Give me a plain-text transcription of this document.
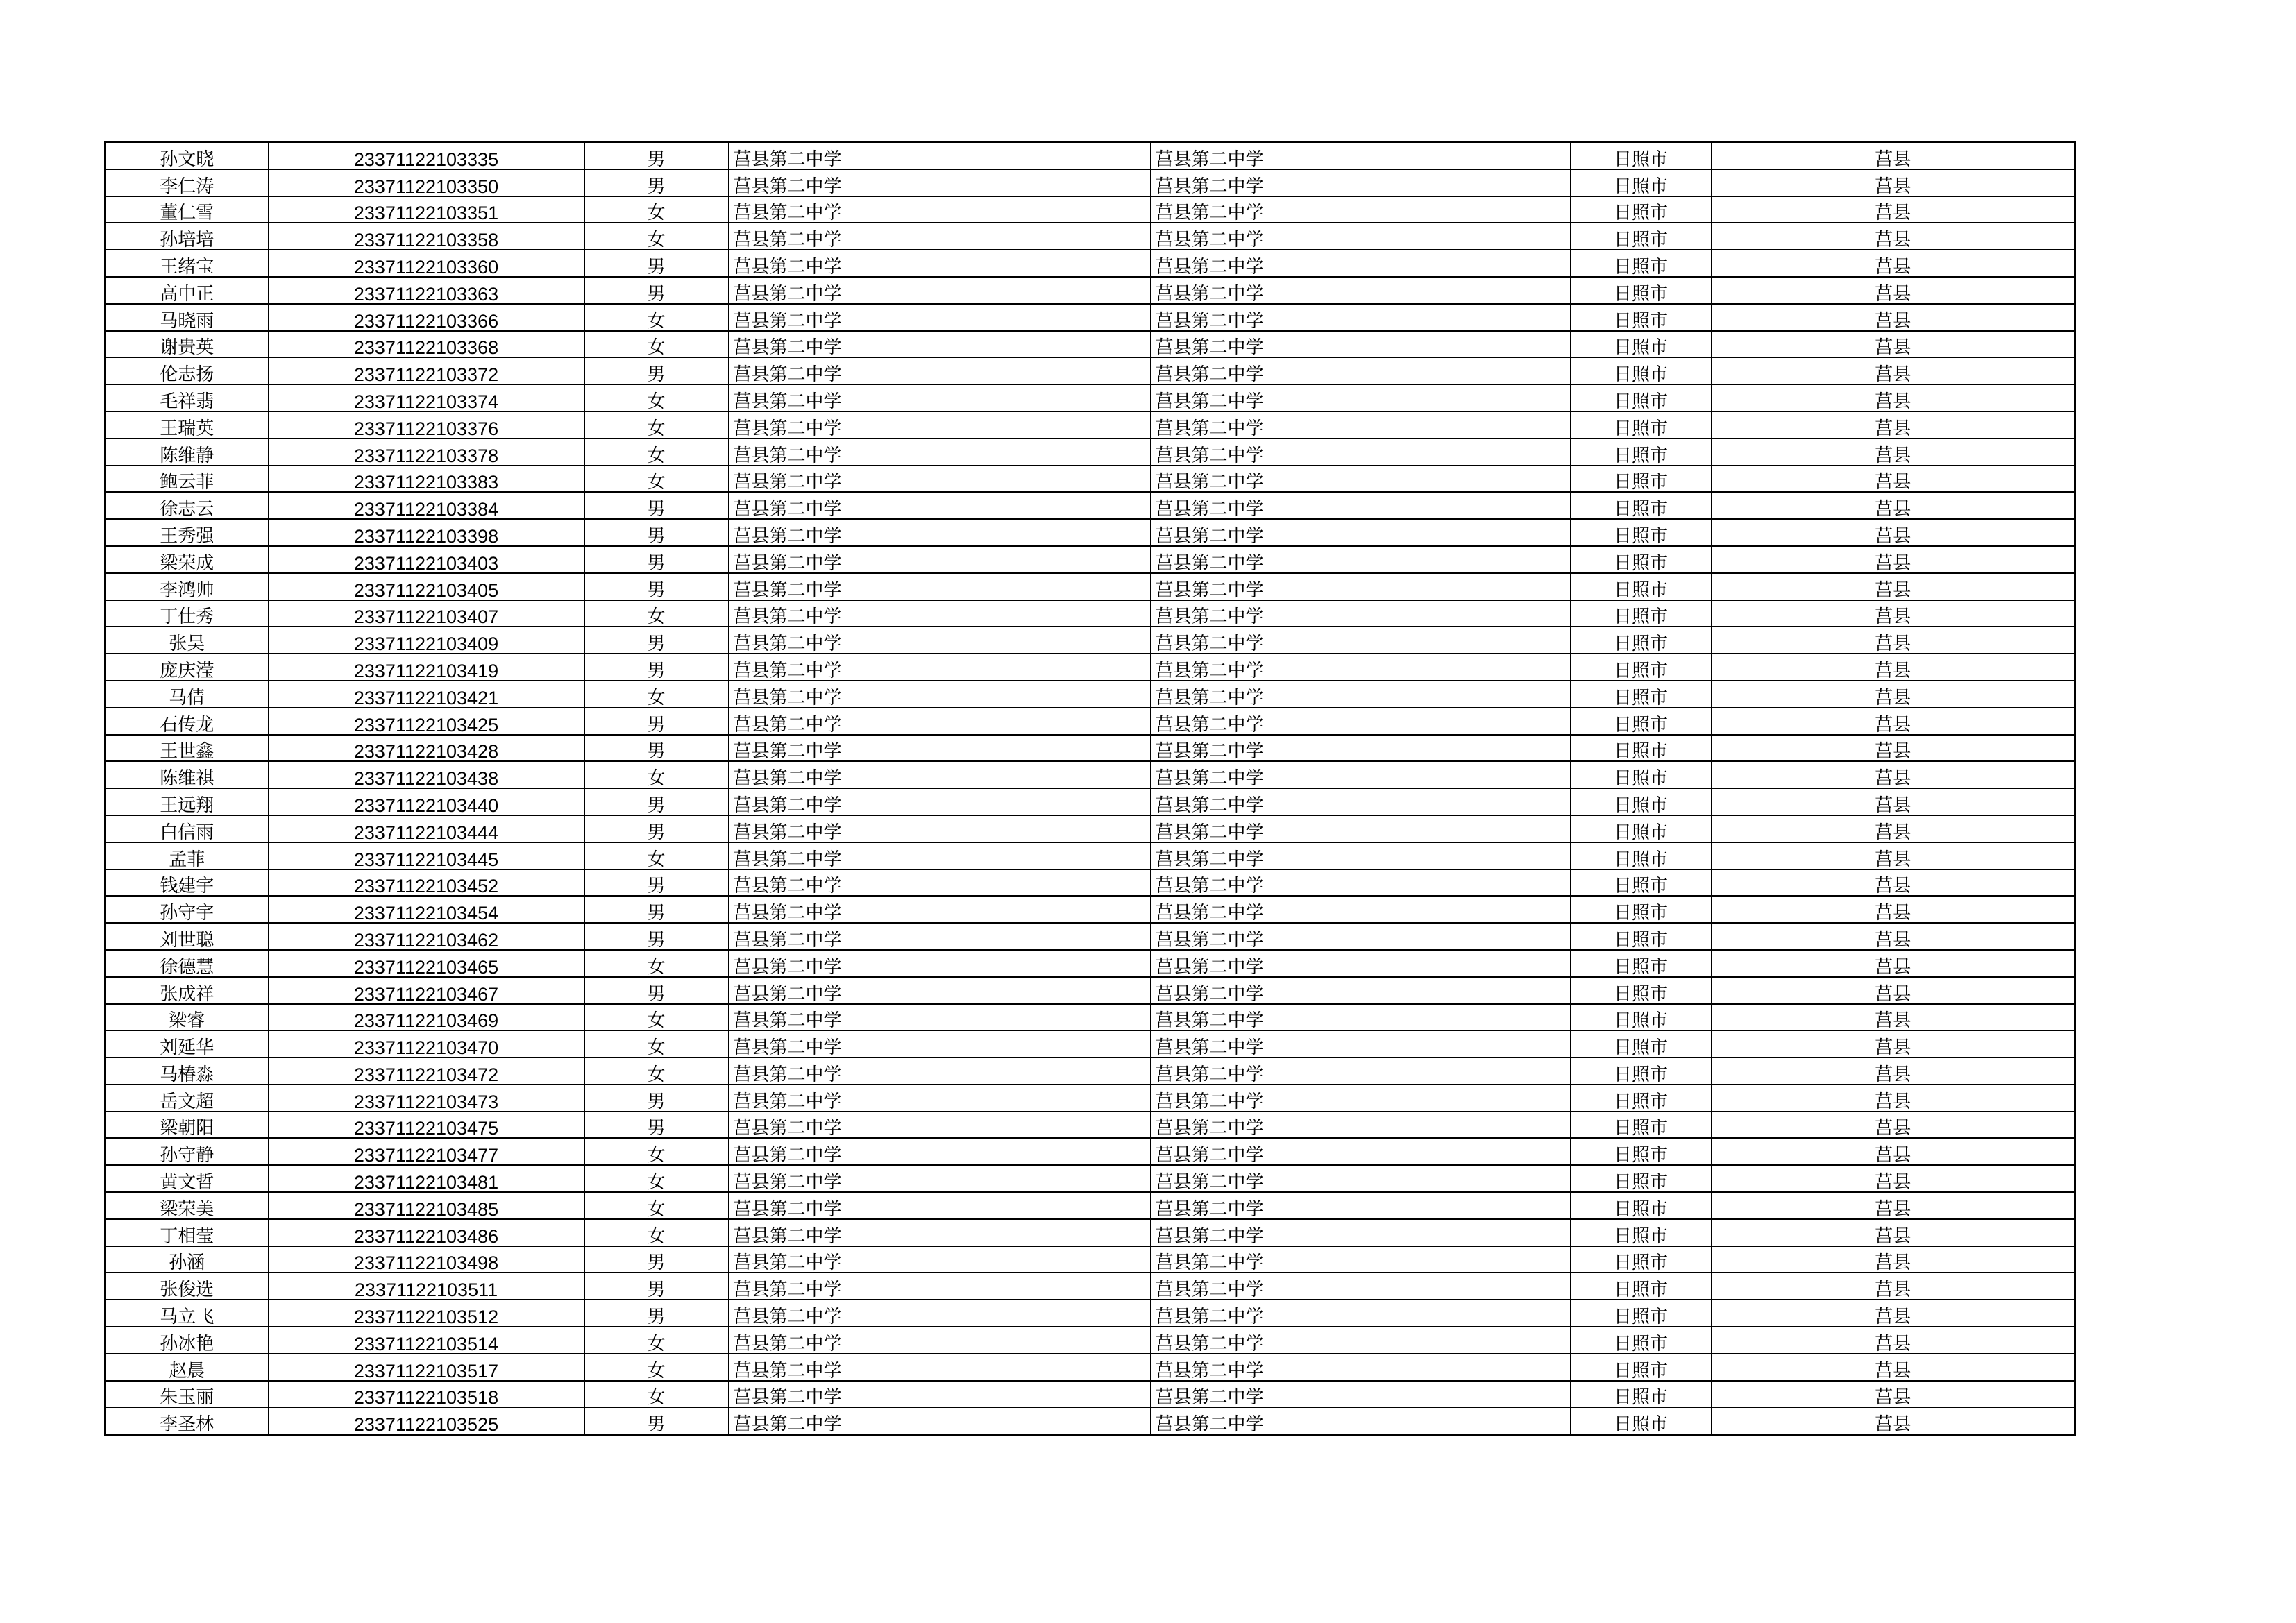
孙文晓	23371122103335	男	莒县第二中学	莒县第二中学	日照市	莒县
李仁涛	23371122103350	男	莒县第二中学	莒县第二中学	日照市	莒县
董仁雪	23371122103351	女	莒县第二中学	莒县第二中学	日照市	莒县
孙培培	23371122103358	女	莒县第二中学	莒县第二中学	日照市	莒县
王绪宝	23371122103360	男	莒县第二中学	莒县第二中学	日照市	莒县
高中正	23371122103363	男	莒县第二中学	莒县第二中学	日照市	莒县
马晓雨	23371122103366	女	莒县第二中学	莒县第二中学	日照市	莒县
谢贵英	23371122103368	女	莒县第二中学	莒县第二中学	日照市	莒县
伦志扬	23371122103372	男	莒县第二中学	莒县第二中学	日照市	莒县
毛祥翡	23371122103374	女	莒县第二中学	莒县第二中学	日照市	莒县
王瑞英	23371122103376	女	莒县第二中学	莒县第二中学	日照市	莒县
陈维静	23371122103378	女	莒县第二中学	莒县第二中学	日照市	莒县
鲍云菲	23371122103383	女	莒县第二中学	莒县第二中学	日照市	莒县
徐志云	23371122103384	男	莒县第二中学	莒县第二中学	日照市	莒县
王秀强	23371122103398	男	莒县第二中学	莒县第二中学	日照市	莒县
梁荣成	23371122103403	男	莒县第二中学	莒县第二中学	日照市	莒县
李鸿帅	23371122103405	男	莒县第二中学	莒县第二中学	日照市	莒县
丁仕秀	23371122103407	女	莒县第二中学	莒县第二中学	日照市	莒县
张昊	23371122103409	男	莒县第二中学	莒县第二中学	日照市	莒县
庞庆滢	23371122103419	男	莒县第二中学	莒县第二中学	日照市	莒县
马倩	23371122103421	女	莒县第二中学	莒县第二中学	日照市	莒县
石传龙	23371122103425	男	莒县第二中学	莒县第二中学	日照市	莒县
王世鑫	23371122103428	男	莒县第二中学	莒县第二中学	日照市	莒县
陈维祺	23371122103438	女	莒县第二中学	莒县第二中学	日照市	莒县
王远翔	23371122103440	男	莒县第二中学	莒县第二中学	日照市	莒县
白信雨	23371122103444	男	莒县第二中学	莒县第二中学	日照市	莒县
孟菲	23371122103445	女	莒县第二中学	莒县第二中学	日照市	莒县
钱建宇	23371122103452	男	莒县第二中学	莒县第二中学	日照市	莒县
孙守宇	23371122103454	男	莒县第二中学	莒县第二中学	日照市	莒县
刘世聪	23371122103462	男	莒县第二中学	莒县第二中学	日照市	莒县
徐德慧	23371122103465	女	莒县第二中学	莒县第二中学	日照市	莒县
张成祥	23371122103467	男	莒县第二中学	莒县第二中学	日照市	莒县
梁睿	23371122103469	女	莒县第二中学	莒县第二中学	日照市	莒县
刘延华	23371122103470	女	莒县第二中学	莒县第二中学	日照市	莒县
马椿淼	23371122103472	女	莒县第二中学	莒县第二中学	日照市	莒县
岳文超	23371122103473	男	莒县第二中学	莒县第二中学	日照市	莒县
梁朝阳	23371122103475	男	莒县第二中学	莒县第二中学	日照市	莒县
孙守静	23371122103477	女	莒县第二中学	莒县第二中学	日照市	莒县
黄文哲	23371122103481	女	莒县第二中学	莒县第二中学	日照市	莒县
梁荣美	23371122103485	女	莒县第二中学	莒县第二中学	日照市	莒县
丁相莹	23371122103486	女	莒县第二中学	莒县第二中学	日照市	莒县
孙涵	23371122103498	男	莒县第二中学	莒县第二中学	日照市	莒县
张俊选	23371122103511	男	莒县第二中学	莒县第二中学	日照市	莒县
马立飞	23371122103512	男	莒县第二中学	莒县第二中学	日照市	莒县
孙冰艳	23371122103514	女	莒县第二中学	莒县第二中学	日照市	莒县
赵晨	23371122103517	女	莒县第二中学	莒县第二中学	日照市	莒县
朱玉丽	23371122103518	女	莒县第二中学	莒县第二中学	日照市	莒县
李圣林	23371122103525	男	莒县第二中学	莒县第二中学	日照市	莒县
